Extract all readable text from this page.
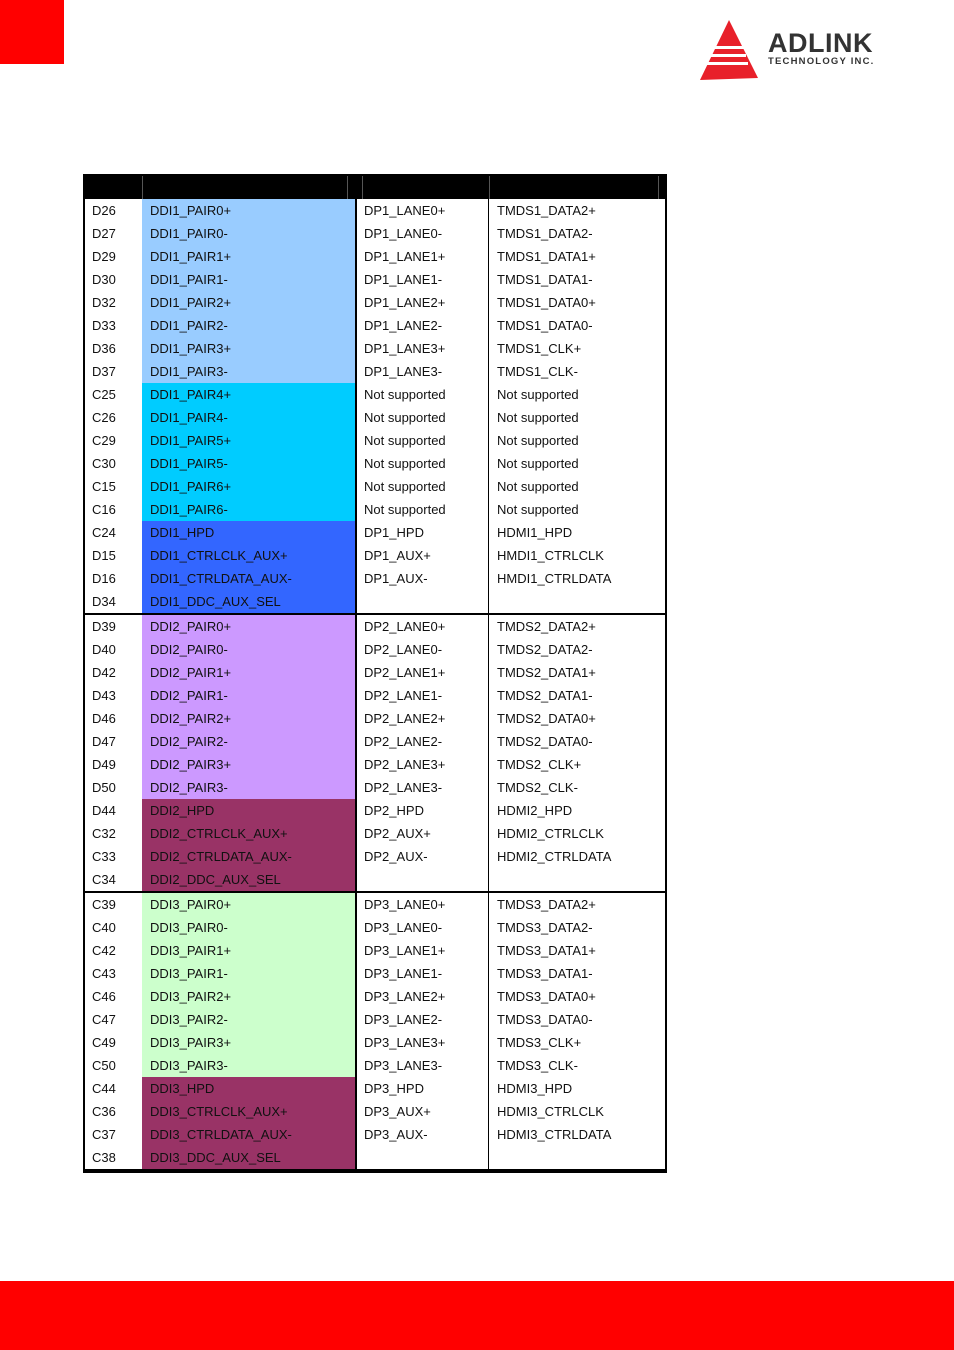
ADLINK
TECHNOLOGY INC.
D26	DDI1_PAIR0+	DP1_LANE0+	TMDS1_DATA2+
D27	DDI1_PAIR0-	DP1_LANE0-	TMDS1_DATA2-
D29	DDI1_PAIR1+	DP1_LANE1+	TMDS1_DATA1+
D30	DDI1_PAIR1-	DP1_LANE1-	TMDS1_DATA1-
D32	DDI1_PAIR2+	DP1_LANE2+	TMDS1_DATA0+
D33	DDI1_PAIR2-	DP1_LANE2-	TMDS1_DATA0-
D36	DDI1_PAIR3+	DP1_LANE3+	TMDS1_CLK+
D37	DDI1_PAIR3-	DP1_LANE3-	TMDS1_CLK-
C25	DDI1_PAIR4+	Not supported	Not supported
C26	DDI1_PAIR4-	Not supported	Not supported
C29	DDI1_PAIR5+	Not supported	Not supported
C30	DDI1_PAIR5-	Not supported	Not supported
C15	DDI1_PAIR6+	Not supported	Not supported
C16	DDI1_PAIR6-	Not supported	Not supported
C24	DDI1_HPD	DP1_HPD	HDMI1_HPD
D15	DDI1_CTRLCLK_AUX+	DP1_AUX+	HMDI1_CTRLCLK
D16	DDI1_CTRLDATA_AUX-	DP1_AUX-	HMDI1_CTRLDATA
D34	DDI1_DDC_AUX_SEL
D39	DDI2_PAIR0+	DP2_LANE0+	TMDS2_DATA2+
D40	DDI2_PAIR0-	DP2_LANE0-	TMDS2_DATA2-
D42	DDI2_PAIR1+	DP2_LANE1+	TMDS2_DATA1+
D43	DDI2_PAIR1-	DP2_LANE1-	TMDS2_DATA1-
D46	DDI2_PAIR2+	DP2_LANE2+	TMDS2_DATA0+
D47	DDI2_PAIR2-	DP2_LANE2-	TMDS2_DATA0-
D49	DDI2_PAIR3+	DP2_LANE3+	TMDS2_CLK+
D50	DDI2_PAIR3-	DP2_LANE3-	TMDS2_CLK-
D44	DDI2_HPD	DP2_HPD	HDMI2_HPD
C32	DDI2_CTRLCLK_AUX+	DP2_AUX+	HDMI2_CTRLCLK
C33	DDI2_CTRLDATA_AUX-	DP2_AUX-	HDMI2_CTRLDATA
C34	DDI2_DDC_AUX_SEL
C39	DDI3_PAIR0+	DP3_LANE0+	TMDS3_DATA2+
C40	DDI3_PAIR0-	DP3_LANE0-	TMDS3_DATA2-
C42	DDI3_PAIR1+	DP3_LANE1+	TMDS3_DATA1+
C43	DDI3_PAIR1-	DP3_LANE1-	TMDS3_DATA1-
C46	DDI3_PAIR2+	DP3_LANE2+	TMDS3_DATA0+
C47	DDI3_PAIR2-	DP3_LANE2-	TMDS3_DATA0-
C49	DDI3_PAIR3+	DP3_LANE3+	TMDS3_CLK+
C50	DDI3_PAIR3-	DP3_LANE3-	TMDS3_CLK-
C44	DDI3_HPD	DP3_HPD	HDMI3_HPD
C36	DDI3_CTRLCLK_AUX+	DP3_AUX+	HDMI3_CTRLCLK
C37	DDI3_CTRLDATA_AUX-	DP3_AUX-	HDMI3_CTRLDATA
C38	DDI3_DDC_AUX_SEL
